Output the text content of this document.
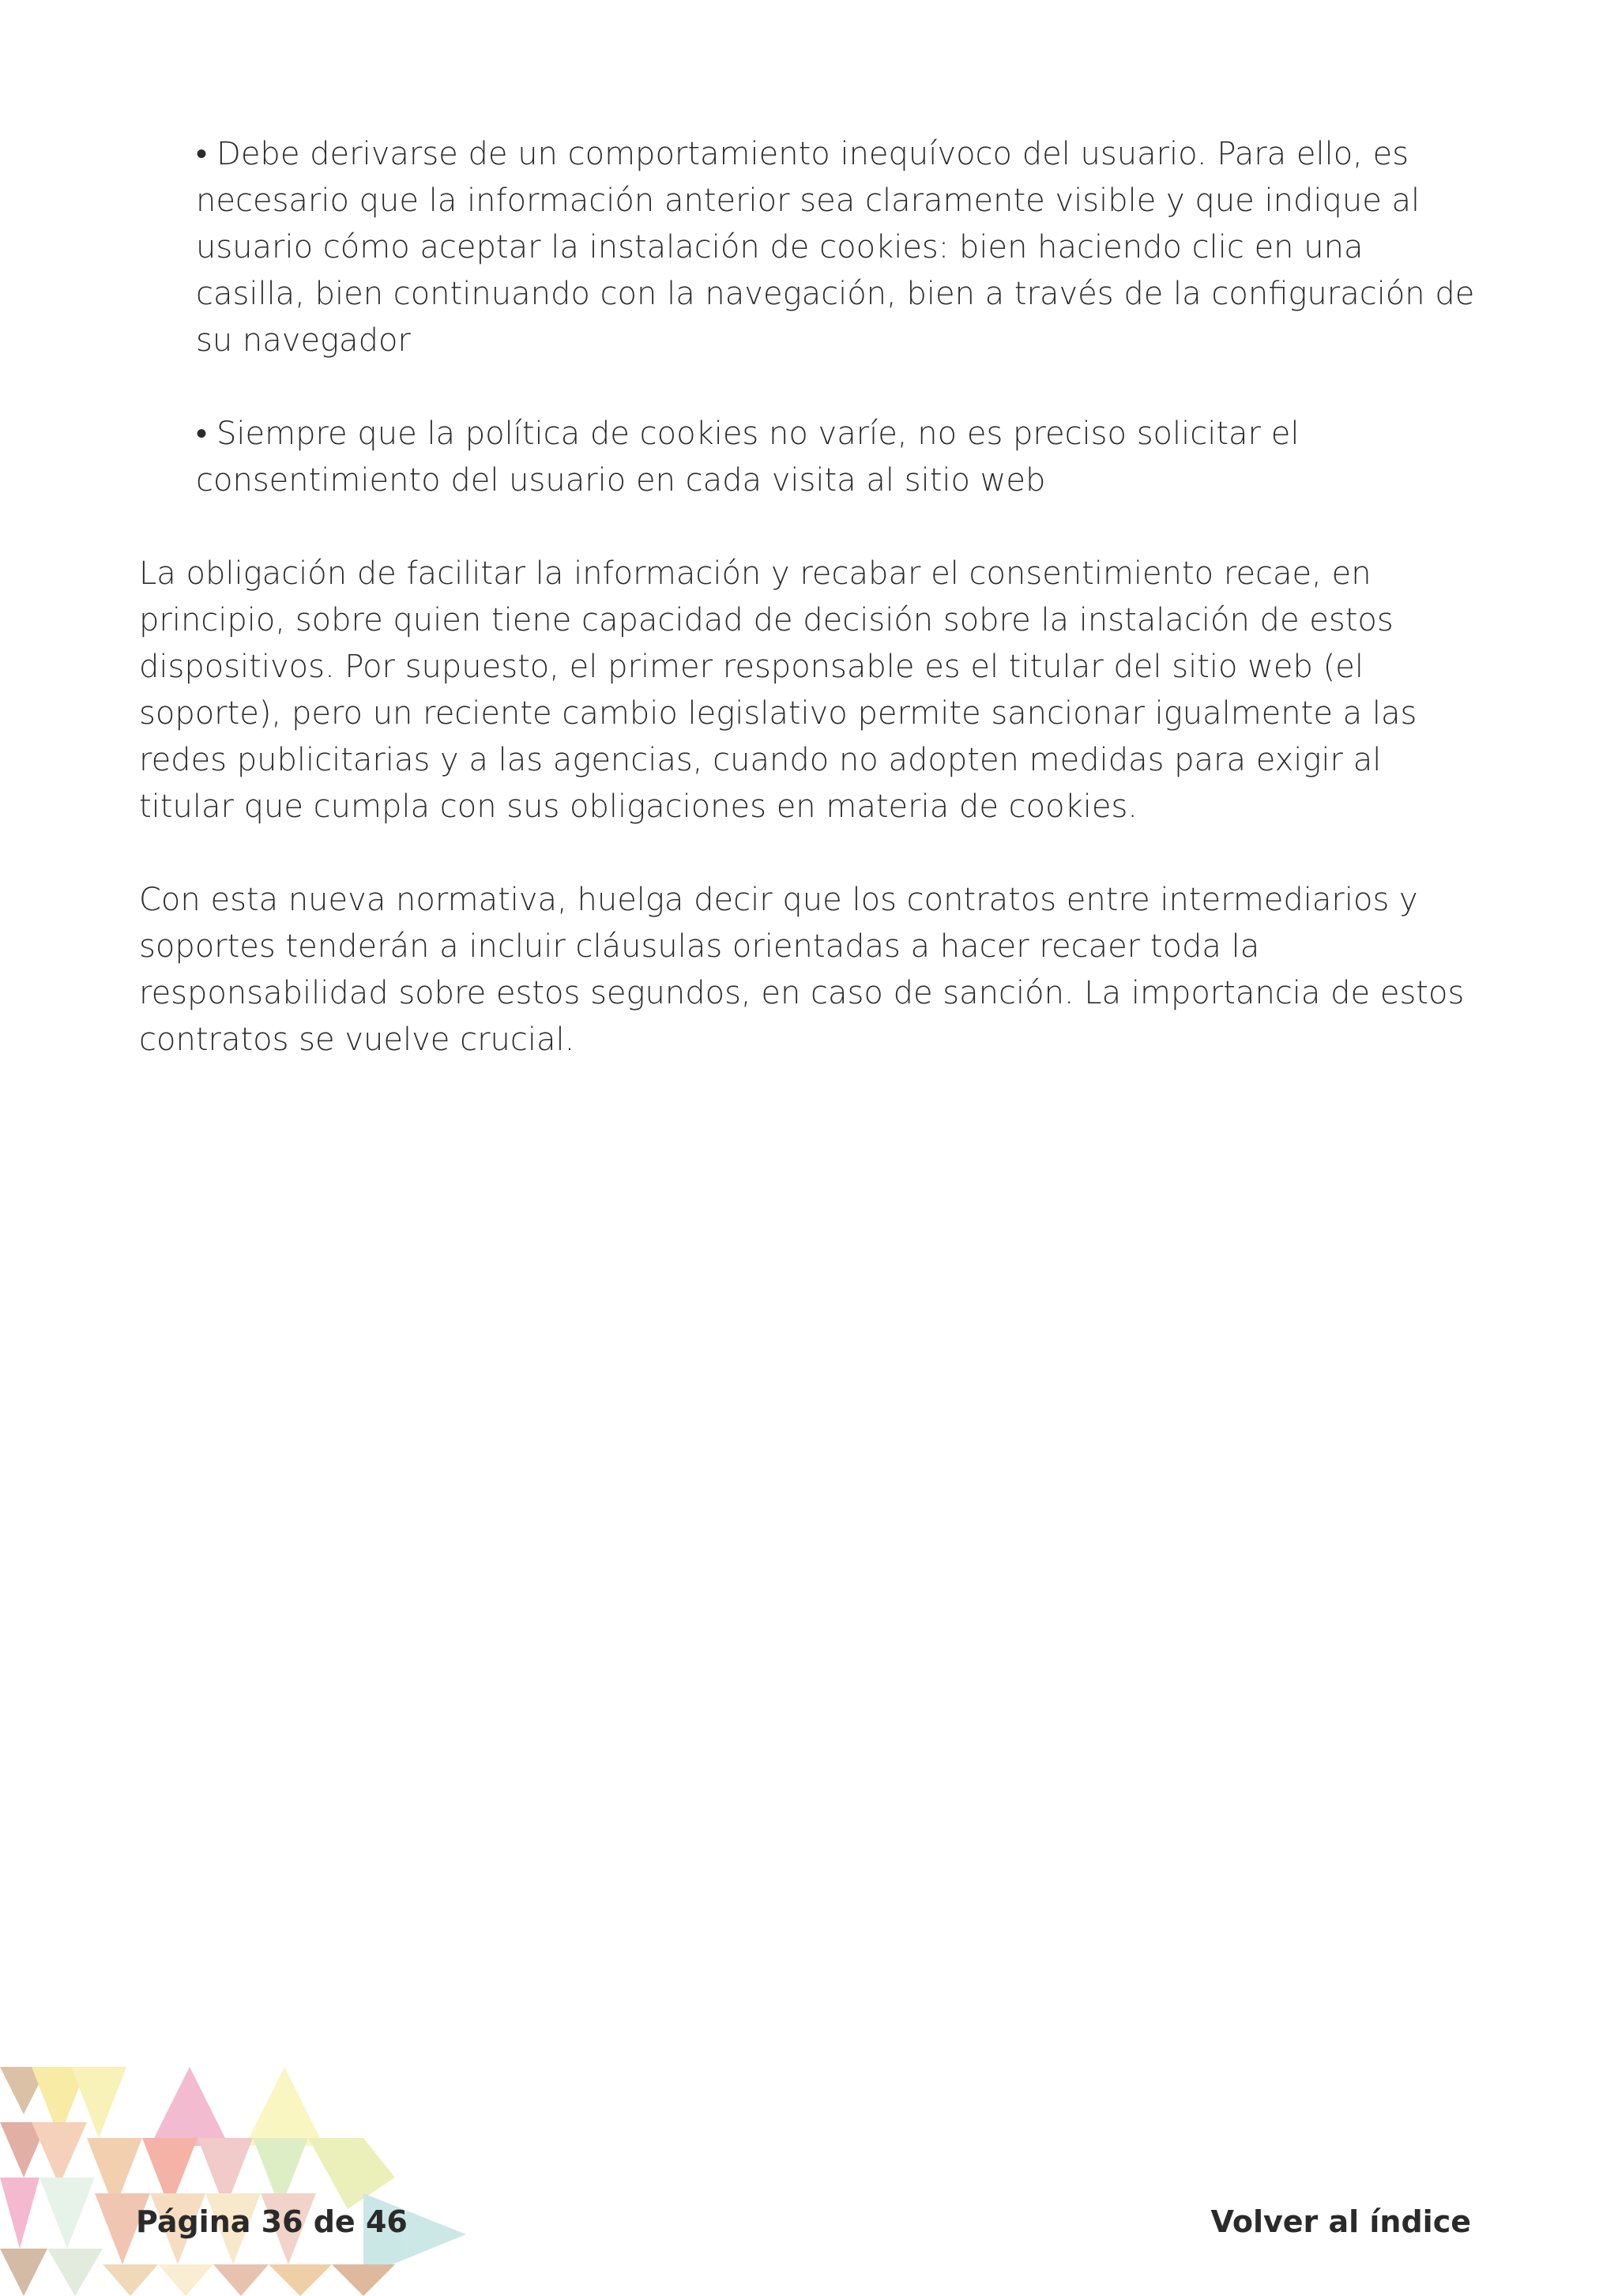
• Debe derivarse de un comportamiento inequívoco del usuario. Para ello, es necesario que la información anterior sea claramente visible y que indique al usuario cómo aceptar la instalación de cookies: bien haciendo clic en una casilla, bien continuando con la navegación, bien a través de la configuración de su navegador
• Siempre que la política de cookies no varíe, no es preciso solicitar el consentimiento del usuario en cada visita al sitio web

La obligación de facilitar la información y recabar el consentimiento recae, en principio, sobre quien tiene capacidad de decisión sobre la instalación de estos dispositivos. Por supuesto, el primer responsable es el titular del sitio web (el soporte), pero un reciente cambio legislativo permite sancionar igualmente a las redes publicitarias y a las agencias, cuando no adopten medidas para exigir al titular que cumpla con sus obligaciones en materia de cookies.

Con esta nueva normativa, huelga decir que los contratos entre intermediarios y soportes tenderán a incluir cláusulas orientadas a hacer recaer toda la responsabilidad sobre estos segundos, en caso de sanción. La importancia de estos contratos se vuelve crucial.

Página 36 de 46	Volver al índice
